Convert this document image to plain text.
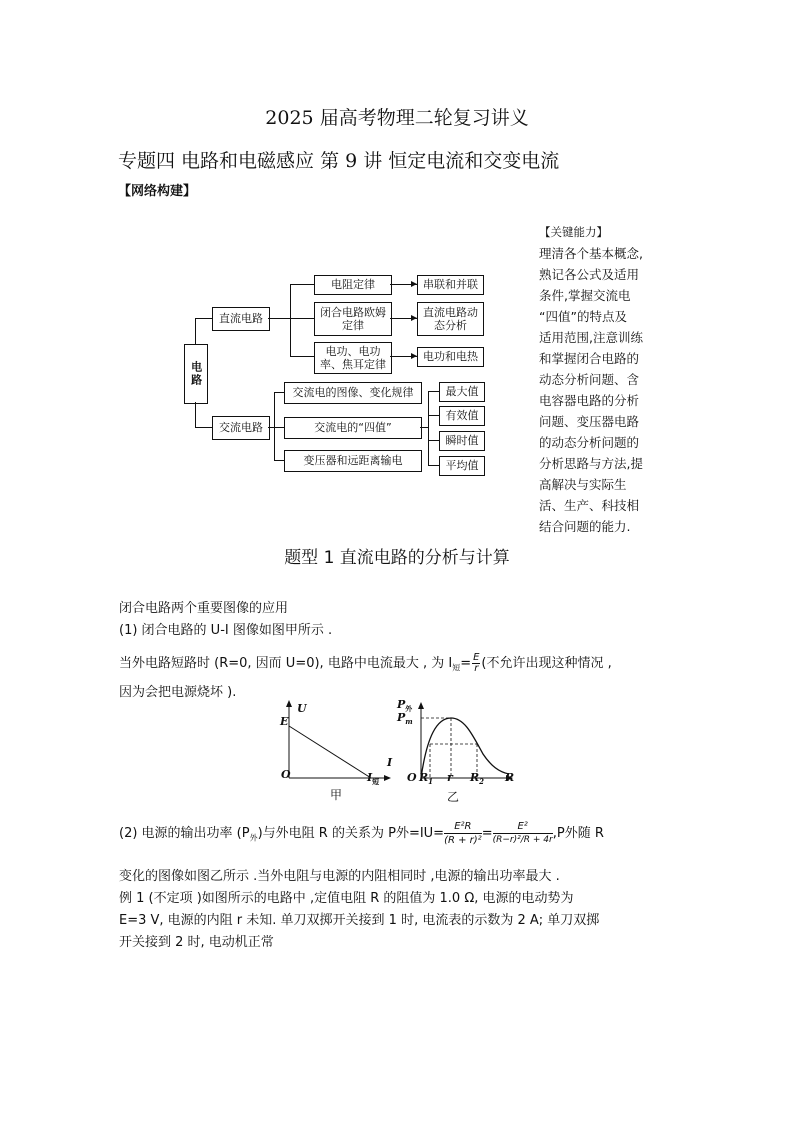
2025 届高考物理二轮复习讲义
专题四 电路和电磁感应 第 9 讲 恒定电流和交变电流
【网络构建】
电路
直流电路
电阻定律
闭合电路欧姆定律
电功、电功率、焦耳定律
串联和并联
直流电路动态分析
电功和电热
交流电路
交流电的图像、变化规律
交流电的“四值”
变压器和远距离输电
最大值
有效值
瞬时值
平均值
【关键能力】
理清各个基本概念,
熟记各公式及适用
条件,掌握交流电
“四值”的特点及
适用范围,注意训练
和掌握闭合电路的
动态分析问题、含
电容器电路的分析
问题、变压器电路
的动态分析问题的
分析思路与方法,提
高解决与实际生
活、生产、科技相
结合问题的能力.
题型 1 直流电路的分析与计算
闭合电路两个重要图像的应用
(1) 闭合电路的 U-I 图像如图甲所示 .
当外电路短路时 (R=0, 因而 U=0), 电路中电流最大 , 为 $I_短= \frac{E}{r}$ (不允许出现这种情况 ,
因为会把电源烧坏 ).
U
E
O
I
$I_短$
甲
$P_外$
$P_m$
O $R_1$ r $R_2$ R
乙
(2) 电源的输出功率 $(P_外)$与外电阻 R 的关系为 P外$=IU= \frac{\text{E²R}}{\text{(R + r)²}} = \frac{\text{E²}}{\text{(R−r)²/R + 4r}} ,P$外随 R
变化的图像如图乙所示 .当外电阻与电源的内阻相同时 ,电源的输出功率最大 .
例 1 (不定项 )如图所示的电路中 ,定值电阻 R 的阻值为 1.0 Ω, 电源的电动势为
E=3 V, 电源的内阻 r 未知. 单刀双掷开关接到 1 时, 电流表的示数为 2 A; 单刀双掷
开关接到 2 时, 电动机正常
